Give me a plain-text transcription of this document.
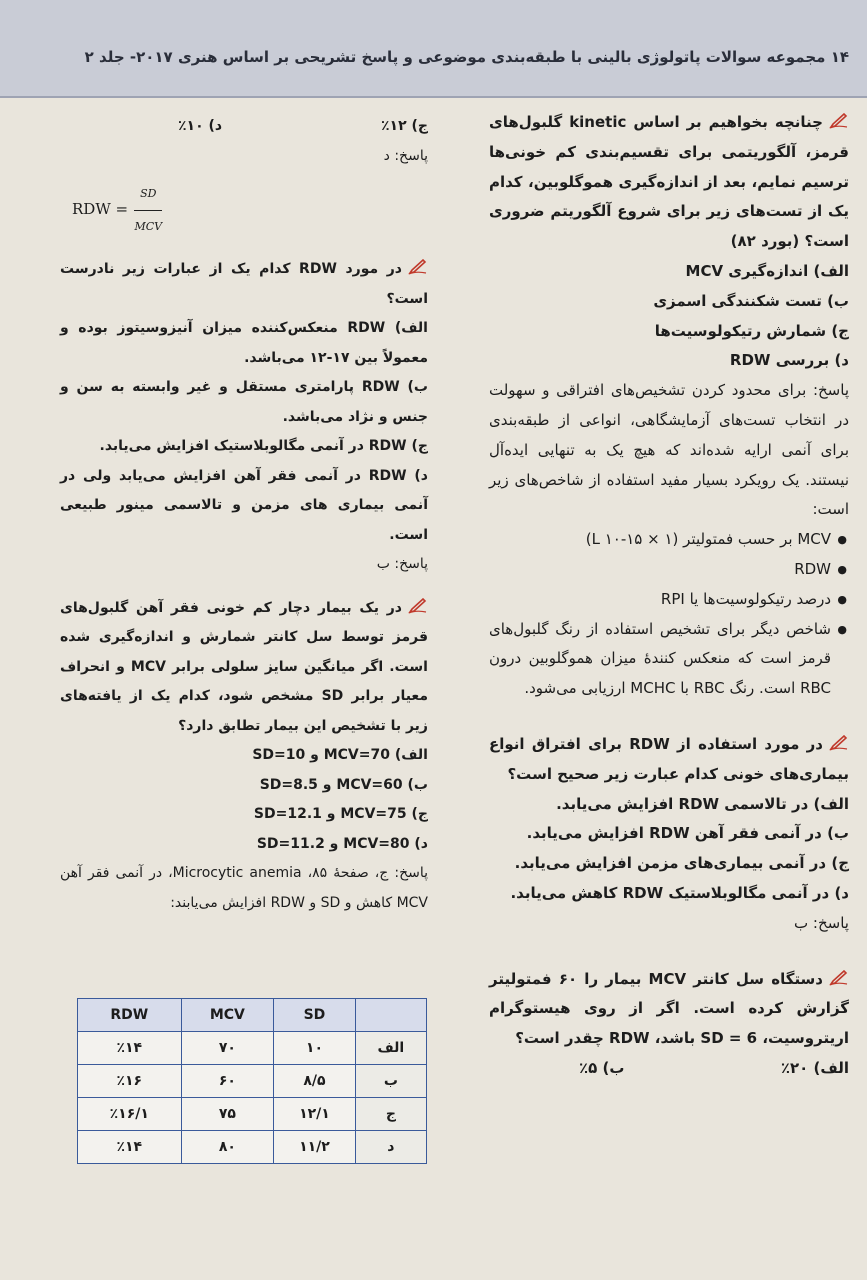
۱۴ مجموعه سوالات پاتولوژی بالینی با طبقه‌بندی موضوعی و پاسخ تشریحی بر اساس هنری ۲۰۱۷- جلد ۲

چنانچه بخواهیم بر اساس kinetic گلبول‌های قرمز، آلگوریتمی برای تقسیم‌بندی کم خونی‌ها ترسیم نمایم، بعد از اندازه‌گیری هموگلوبین، کدام یک از تست‌های زیر برای شروع آلگوریتم ضروری است؟ (بورد ۸۲)

الف) اندازه‌گیری MCV

ب) تست شکنندگی اسمزی

ج) شمارش رتیکولوسیت‌ها

د) بررسی RDW

پاسخ: برای محدود کردن تشخیص‌های افتراقی و سهولت در انتخاب تست‌های آزمایشگاهی، انواعی از طبقه‌بندی برای آنمی ارایه شده‌اند که هیچ یک به تنهایی ایده‌آل نیستند. یک رویکرد بسیار مفید استفاده از شاخص‌های زیر است:

● MCV بر حسب فمتولیتر (L ‎۱۰-۱۵ × ۱)
● RDW
● درصد رتیکولوسیت‌ها یا RPI
● شاخص دیگر برای تشخیص استفاده از رنگ گلبول‌های قرمز است که منعکس کنندهٔ میزان هموگلوبین درون RBC است. رنگ RBC با MCHC ارزیابی می‌شود.

در مورد استفاده از RDW برای افتراق انواع بیماری‌های خونی کدام عبارت زیر صحیح است؟

الف) در تالاسمی RDW افزایش می‌یابد.

ب) در آنمی فقر آهن RDW افزایش می‌یابد.

ج) در آنمی بیماری‌های مزمن افزایش می‌یابد.

د) در آنمی مگالوبلاستیک RDW کاهش می‌یابد.

پاسخ: ب

دستگاه سل کانتر MCV بیمار را ۶۰ فمتولیتر گزارش کرده است. اگر از روی هیستوگرام اریتروسیت، SD = 6 باشد، RDW چقدر است؟

الف) ۲۰٪
ب) ۵٪
ج) ۱۲٪
د) ۱۰٪

پاسخ: د

RDW = $\frac{SD}{\text{MCV}}$

در مورد RDW کدام یک از عبارات زیر نادرست است؟

الف) RDW منعکس‌کننده میزان آنیزوسیتوز بوده و معمولاً بین ۱۷-۱۲ می‌باشد.

ب) RDW پارامتری مستقل و غیر وابسته به سن و جنس و نژاد می‌باشد.

ج) RDW در آنمی مگالوبلاستیک افزایش می‌یابد.

د) RDW در آنمی فقر آهن افزایش می‌یابد ولی در آنمی بیماری های مزمن و تالاسمی مینور طبیعی است.

پاسخ: ب

در یک بیمار دچار کم خونی فقر آهن گلبول‌های قرمز توسط سل کانتر شمارش و اندازه‌گیری شده است. اگر میانگین سایز سلولی برابر MCV و انحراف معیار برابر SD مشخص شود، کدام یک از یافته‌های زیر با تشخیص این بیمار تطابق دارد؟

الف) MCV=70 و SD=10

ب) MCV=60 و SD=8.5

ج) MCV=75 و SD=12.1

د) MCV=80 و SD=11.2

پاسخ: ج، صفحهٔ ۸۵، Microcytic anemia، در آنمی فقر آهن MCV کاهش و SD و RDW افزایش می‌یابند:

	SD	MCV	RDW
الف	۱۰	۷۰	٪۱۴
ب	۸/۵	۶۰	٪۱۶
ج	۱۲/۱	۷۵	٪۱۶/۱
د	۱۱/۲	۸۰	٪۱۴
